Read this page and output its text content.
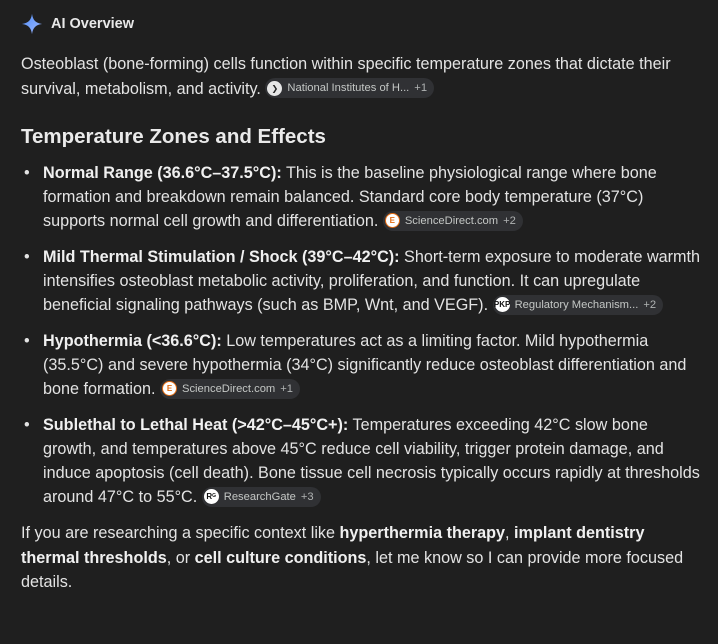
AI Overview

Osteoblast (bone-forming) cells function within specific temperature zones that dictate their survival, metabolism, and activity.	❯ National Institutes of H... +1

Temperature Zones and Effects
• Normal Range (36.6°C–37.5°C): This is the baseline physiological range where bone formation and breakdown remain balanced. Standard core body temperature (37°C) supports normal cell growth and differentiation.	E ScienceDirect.com +2
• Mild Thermal Stimulation / Shock (39°C–42°C): Short-term exposure to moderate warmth intensifies osteoblast metabolic activity, proliferation, and function. It can upregulate beneficial signaling pathways (such as BMP, Wnt, and VEGF). PKP Regulatory Mechanism... +2
• Hypothermia (<36.6°C): Low temperatures act as a limiting factor. Mild hypothermia (35.5°C) and severe hypothermia (34°C) significantly reduce osteoblast differentiation and bone formation.	E ScienceDirect.com +1
• Sublethal to Lethal Heat (>42°C–45°C+): Temperatures exceeding 42°C slow bone growth, and temperatures above 45°C reduce cell viability, trigger protein damage, and induce apoptosis (cell death). Bone tissue cell necrosis typically occurs rapidly at thresholds around 47°C to 55°C.	R G ResearchGate +3

If you are researching a specific context like hyperthermia therapy, implant dentistry thermal thresholds, or cell culture conditions, let me know so I can provide more focused details.
